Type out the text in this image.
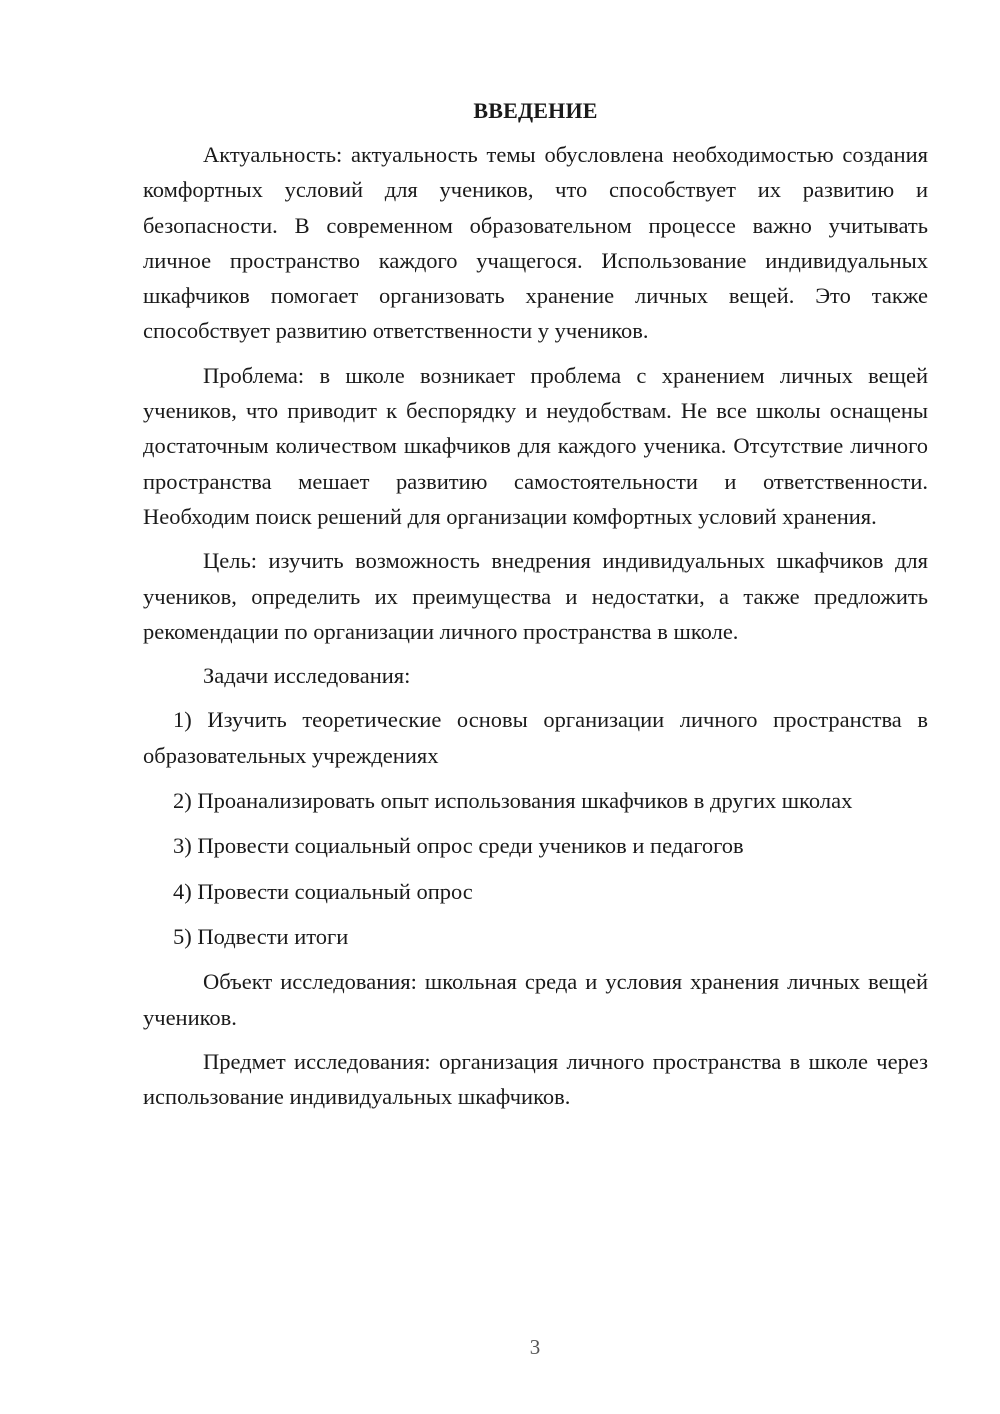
ВВЕДЕНИЕ

Актуальность: актуальность темы обусловлена необходимостью создания комфортных условий для учеников, что способствует их развитию и безопасности. В современном образовательном процессе важно учитывать личное пространство каждого учащегося. Использование индивидуальных шкафчиков помогает организовать хранение личных вещей. Это также способствует развитию ответственности у учеников.

Проблема: в школе возникает проблема с хранением личных вещей учеников, что приводит к беспорядку и неудобствам. Не все школы оснащены достаточным количеством шкафчиков для каждого ученика. Отсутствие личного пространства мешает развитию самостоятельности и ответственности. Необходим поиск решений для организации комфортных условий хранения.

Цель: изучить возможность внедрения индивидуальных шкафчиков для учеников, определить их преимущества и недостатки, а также предложить рекомендации по организации личного пространства в школе.

Задачи исследования:

1) Изучить теоретические основы организации личного пространства в образовательных учреждениях

2) Проанализировать опыт использования шкафчиков в других школах

3) Провести социальный опрос среди учеников и педагогов

4) Провести социальный опрос

5) Подвести итоги

Объект исследования: школьная среда и условия хранения личных вещей учеников.

Предмет исследования: организация личного пространства в школе через использование индивидуальных шкафчиков.

3
